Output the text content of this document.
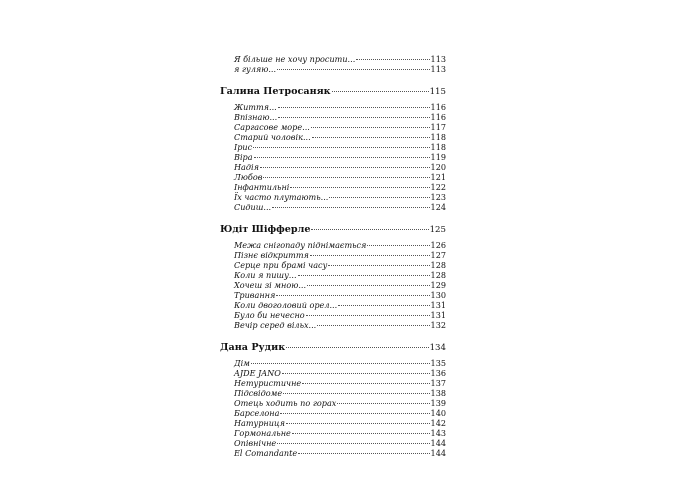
Я більше не хочу просити...	113
я гуляю...	113
Галина Петросаняк	115
Життя...	116
Впізнаю...	116
Саргасове море...	117
Старий чоловік...	118
Ірис	118
Віра	119
Надія	120
Любов	121
Інфантильні	122
Їх часто плутають...	123
Сидиш...	124
Юдіт Шіфферле	125
Межа снігопаду піднімається	126
Пізнє відкриття	127
Серце при брамі часу	128
Коли я пишу...	128
Хочеш зі мною...	129
Тривання	130
Коли двоголовий орел...	131
Було би нечесно	131
Вечір серед вільх...	132
Дана Рудик	134
Дім	135
AJDE JANO	136
Нетуристичне	137
Підсвідоме	138
Отець ходить по горах	139
Барселона	140
Натурниця	142
Гормональне	143
Опівнічне	144
El Comandante	144
